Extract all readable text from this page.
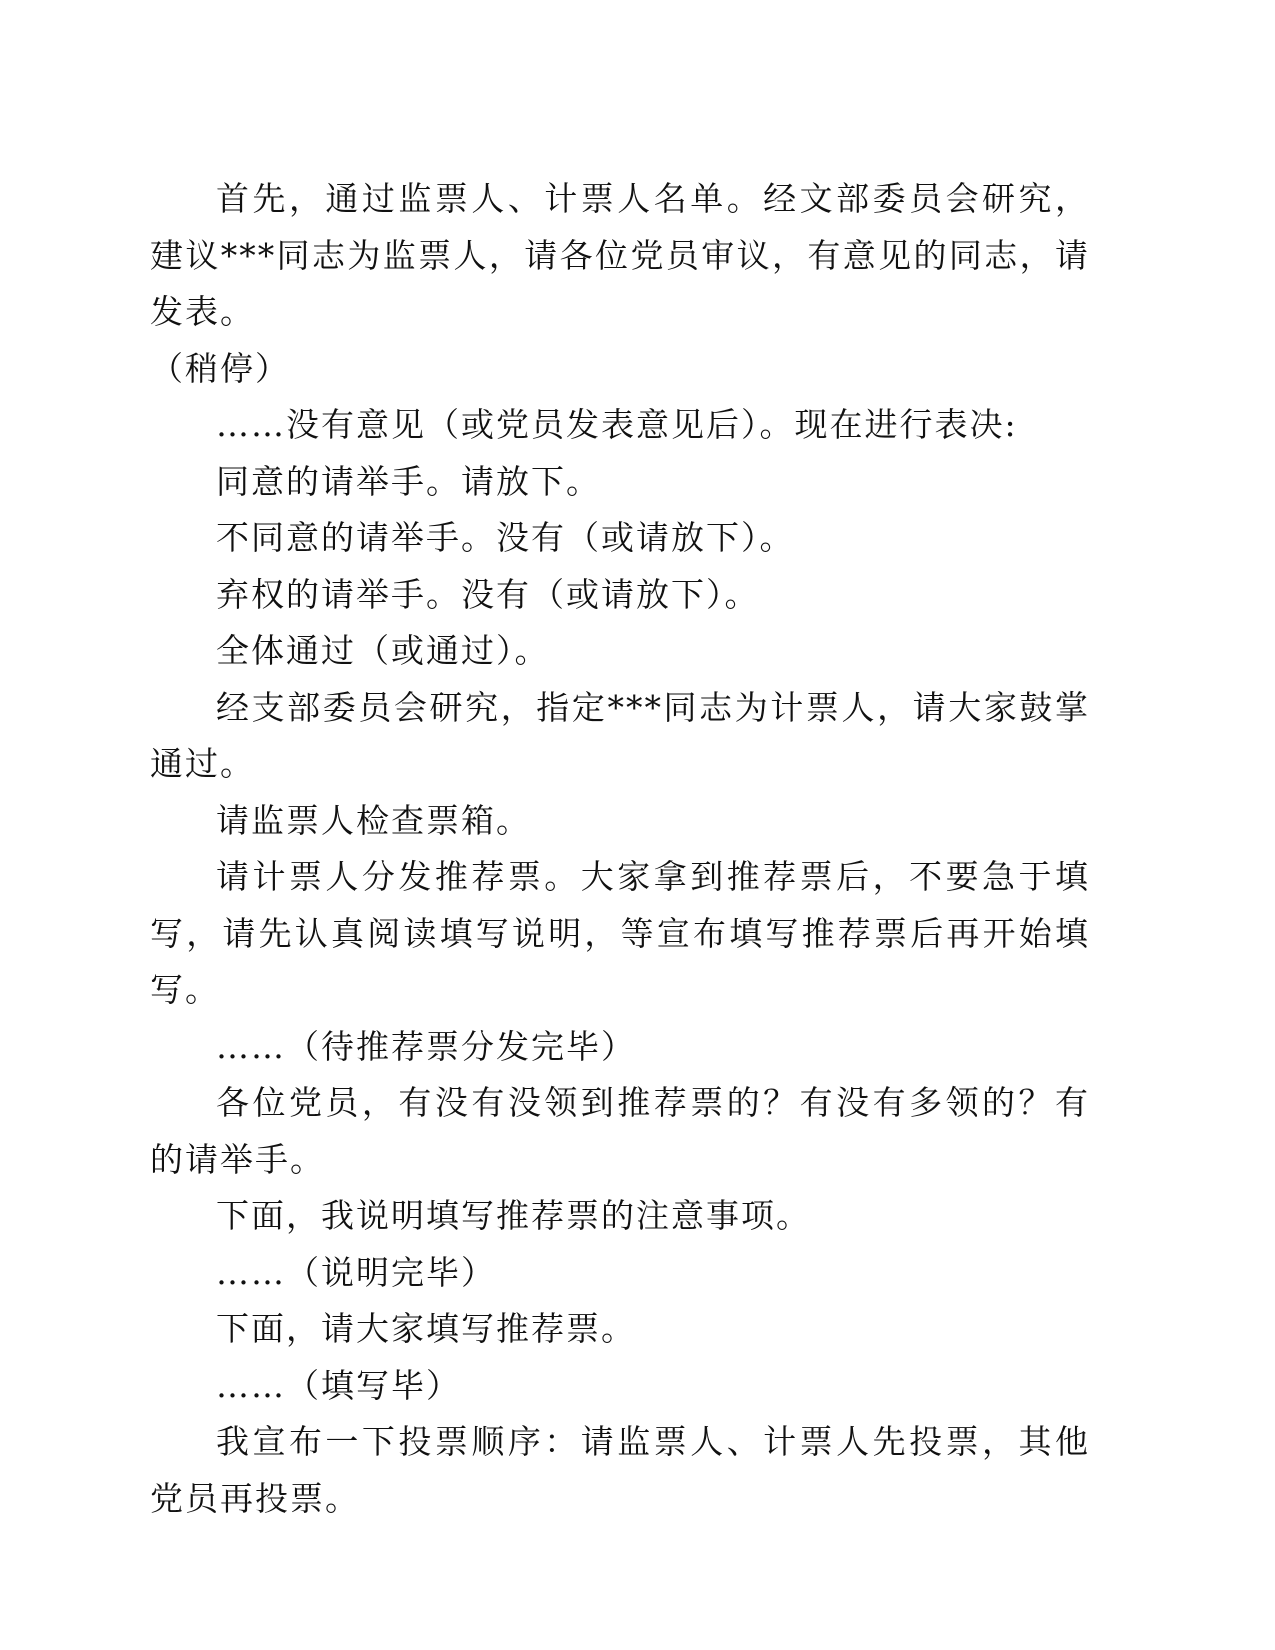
首先，通过监票人、计票人名单。经文部委员会研究，建议***同志为监票人，请各位党员审议，有意见的同志，请发表。

（稍停）

……没有意见（或党员发表意见后）。现在进行表决:

同意的请举手。请放下。

不同意的请举手。没有（或请放下）。

弃权的请举手。没有（或请放下）。

全体通过（或通过）。

经支部委员会研究，指定***同志为计票人，请大家鼓掌通过。

请监票人检查票箱。

请计票人分发推荐票。大家拿到推荐票后，不要急于填写，请先认真阅读填写说明，等宣布填写推荐票后再开始填写。

……（待推荐票分发完毕）

各位党员，有没有没领到推荐票的？有没有多领的？有的请举手。

下面，我说明填写推荐票的注意事项。

……（说明完毕）

下面，请大家填写推荐票。

……（填写毕）

我宣布一下投票顺序：请监票人、计票人先投票，其他党员再投票。
